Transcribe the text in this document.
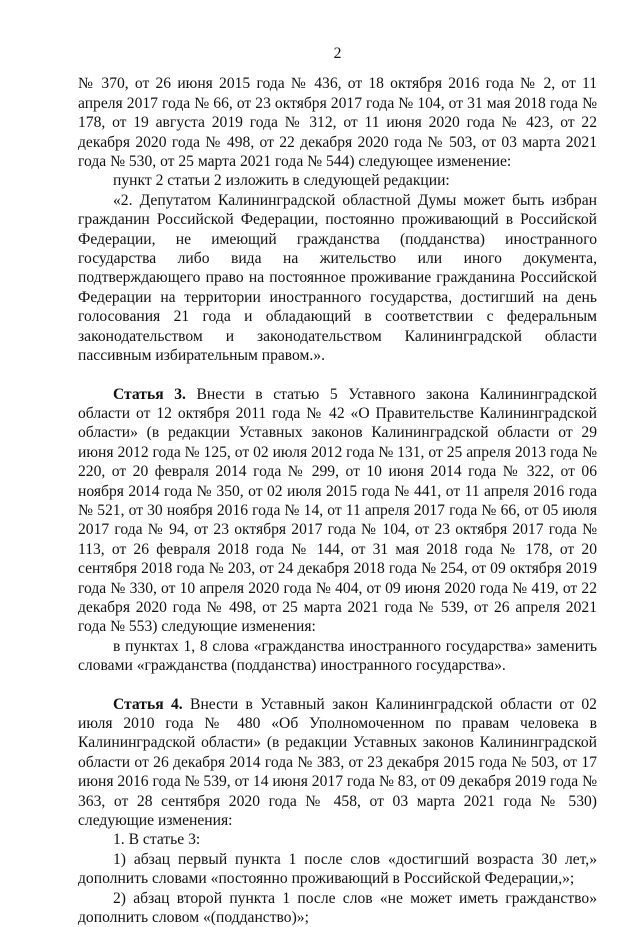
2

№ 370, от 26 июня 2015 года № 436, от 18 октября 2016 года № 2, от 11 апреля 2017 года № 66, от 23 октября 2017 года № 104, от 31 мая 2018 года № 178, от 19 августа 2019 года № 312, от 11 июня 2020 года № 423, от 22 декабря 2020 года № 498, от 22 декабря 2020 года № 503, от 03 марта 2021 года № 530, от 25 марта 2021 года № 544) следующее изменение:

пункт 2 статьи 2 изложить в следующей редакции:

«2. Депутатом Калининградской областной Думы может быть избран гражданин Российской Федерации, постоянно проживающий в Российской Федерации, не имеющий гражданства (подданства) иностранного государства либо вида на жительство или иного документа, подтверждающего право на постоянное проживание гражданина Российской Федерации на территории иностранного государства, достигший на день голосования 21 года и обладающий в соответствии с федеральным законодательством и законодательством Калининградской области пассивным избирательным правом.».

Статья 3. Внести в статью 5 Уставного закона Калининградской области от 12 октября 2011 года № 42 «О Правительстве Калининградской области» (в редакции Уставных законов Калининградской области от 29 июня 2012 года № 125, от 02 июля 2012 года № 131, от 25 апреля 2013 года № 220, от 20 февраля 2014 года № 299, от 10 июня 2014 года № 322, от 06 ноября 2014 года № 350, от 02 июля 2015 года № 441, от 11 апреля 2016 года № 521, от 30 ноября 2016 года № 14, от 11 апреля 2017 года № 66, от 05 июля 2017 года № 94, от 23 октября 2017 года № 104, от 23 октября 2017 года № 113, от 26 февраля 2018 года № 144, от 31 мая 2018 года № 178, от 20 сентября 2018 года № 203, от 24 декабря 2018 года № 254, от 09 октября 2019 года № 330, от 10 апреля 2020 года № 404, от 09 июня 2020 года № 419, от 22 декабря 2020 года № 498, от 25 марта 2021 года № 539, от 26 апреля 2021 года № 553) следующие изменения:

в пунктах 1, 8 слова «гражданства иностранного государства» заменить словами «гражданства (подданства) иностранного государства».

Статья 4. Внести в Уставный закон Калининградской области от 02 июля 2010 года № 480 «Об Уполномоченном по правам человека в Калининградской области» (в редакции Уставных законов Калининградской области от 26 декабря 2014 года № 383, от 23 декабря 2015 года № 503, от 17 июня 2016 года № 539, от 14 июня 2017 года № 83, от 09 декабря 2019 года № 363, от 28 сентября 2020 года № 458, от 03 марта 2021 года № 530) следующие изменения:

1. В статье 3:

1) абзац первый пункта 1 после слов «достигший возраста 30 лет,» дополнить словами «постоянно проживающий в Российской Федерации,»;

2) абзац второй пункта 1 после слов «не может иметь гражданство» дополнить словом «(подданство)»;
